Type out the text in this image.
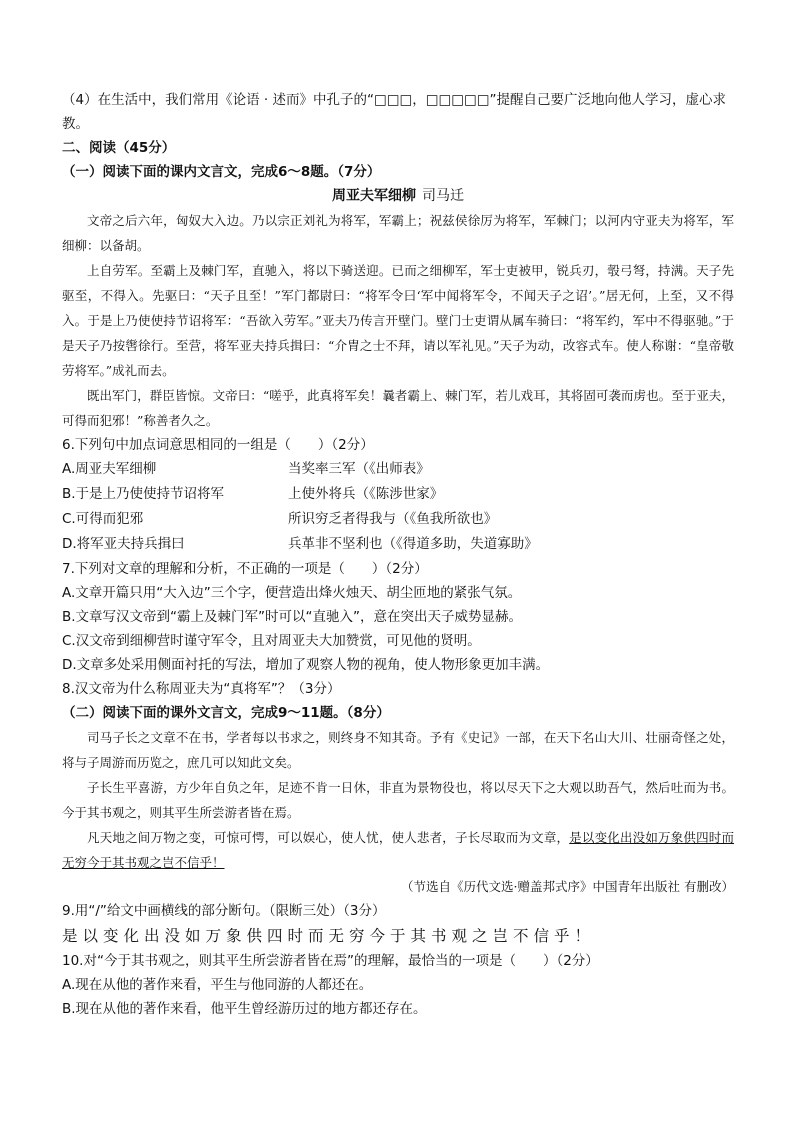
（4）在生活中，我们常用《论语 · 述而》中孔子的“□□□，□□□□□”提醒自己要广泛地向他人学习，虚心求教。
二、阅读（45分）
（一）阅读下面的课内文言文，完成6～8题。（7分）
周亚夫军细柳 司马迁
文帝之后六年，匈奴大入边。乃以宗正刘礼为将军，军霸上；祝兹侯徐厉为将军，军棘门；以河内守亚夫为将军，军细柳：以备胡。
上自劳军。至霸上及棘门军，直驰入，将以下骑送迎。已而之细柳军，军士吏被甲，锐兵刃，彀弓弩，持满。天子先驱至，不得入。先驱曰：“天子且至！”军门都尉曰：“将军令曰‘军中闻将军令，不闻天子之诏’。”居无何，上至，又不得入。于是上乃使使持节诏将军：“吾欲入劳军。”亚夫乃传言开壁门。壁门士吏谓从属车骑曰：“将军约，军中不得驱驰。”于是天子乃按辔徐行。至营，将军亚夫持兵揖曰：“介胄之士不拜，请以军礼见。”天子为动，改容式车。使人称谢：“皇帝敬劳将军。”成礼而去。
既出军门，群臣皆惊。文帝曰：“嗟乎，此真将军矣！曩者霸上、棘门军，若儿戏耳，其将固可袭而虏也。至于亚夫，可得而犯邪！”称善者久之。
6.下列句中加点词意思相同的一组是（　　）（2分）
A.周亚夫军细柳	当奖率三军（《出师表》
B.于是上乃使使持节诏将军	上使外将兵（《陈涉世家》
C.可得而犯邪	所识穷乏者得我与（《鱼我所欲也》
D.将军亚夫持兵揖曰	兵革非不坚利也（《得道多助，失道寡助》
7.下列对文章的理解和分析，不正确的一项是（　　）（2分）
A.文章开篇只用“大入边”三个字，便营造出烽火烛天、胡尘匝地的紧张气氛。
B.文章写汉文帝到“霸上及棘门军”时可以“直驰入”，意在突出天子威势显赫。
C.汉文帝到细柳营时谨守军令，且对周亚夫大加赞赏，可见他的贤明。
D.文章多处采用侧面衬托的写法，增加了观察人物的视角，使人物形象更加丰满。
8.汉文帝为什么称周亚夫为“真将军”？（3分）
（二）阅读下面的课外文言文，完成9～11题。（8分）
司马子长之文章不在书，学者每以书求之，则终身不知其奇。予有《史记》一部，在天下名山大川、壮丽奇怪之处，将与子周游而历览之，庶几可以知此文矣。
子长生平喜游，方少年自负之年，足迹不肯一日休，非直为景物役也，将以尽天下之大观以助吾气，然后吐而为书。今于其书观之，则其平生所尝游者皆在焉。
凡天地之间万物之变，可惊可愕，可以娱心，使人忧，使人悲者，子长尽取而为文章，是以变化出没如万象供四时而无穷今于其书观之岂不信乎！
（节选自《历代文选·赠盖邦式序》中国青年出版社 有删改）
9.用“/”给文中画横线的部分断句。（限断三处）（3分）
是以变化出没如万象供四时而无穷今于其书观之岂不信乎！
10.对“今于其书观之，则其平生所尝游者皆在焉”的理解，最恰当的一项是（　　）（2分）
A.现在从他的著作来看，平生与他同游的人都还在。
B.现在从他的著作来看，他平生曾经游历过的地方都还存在。
